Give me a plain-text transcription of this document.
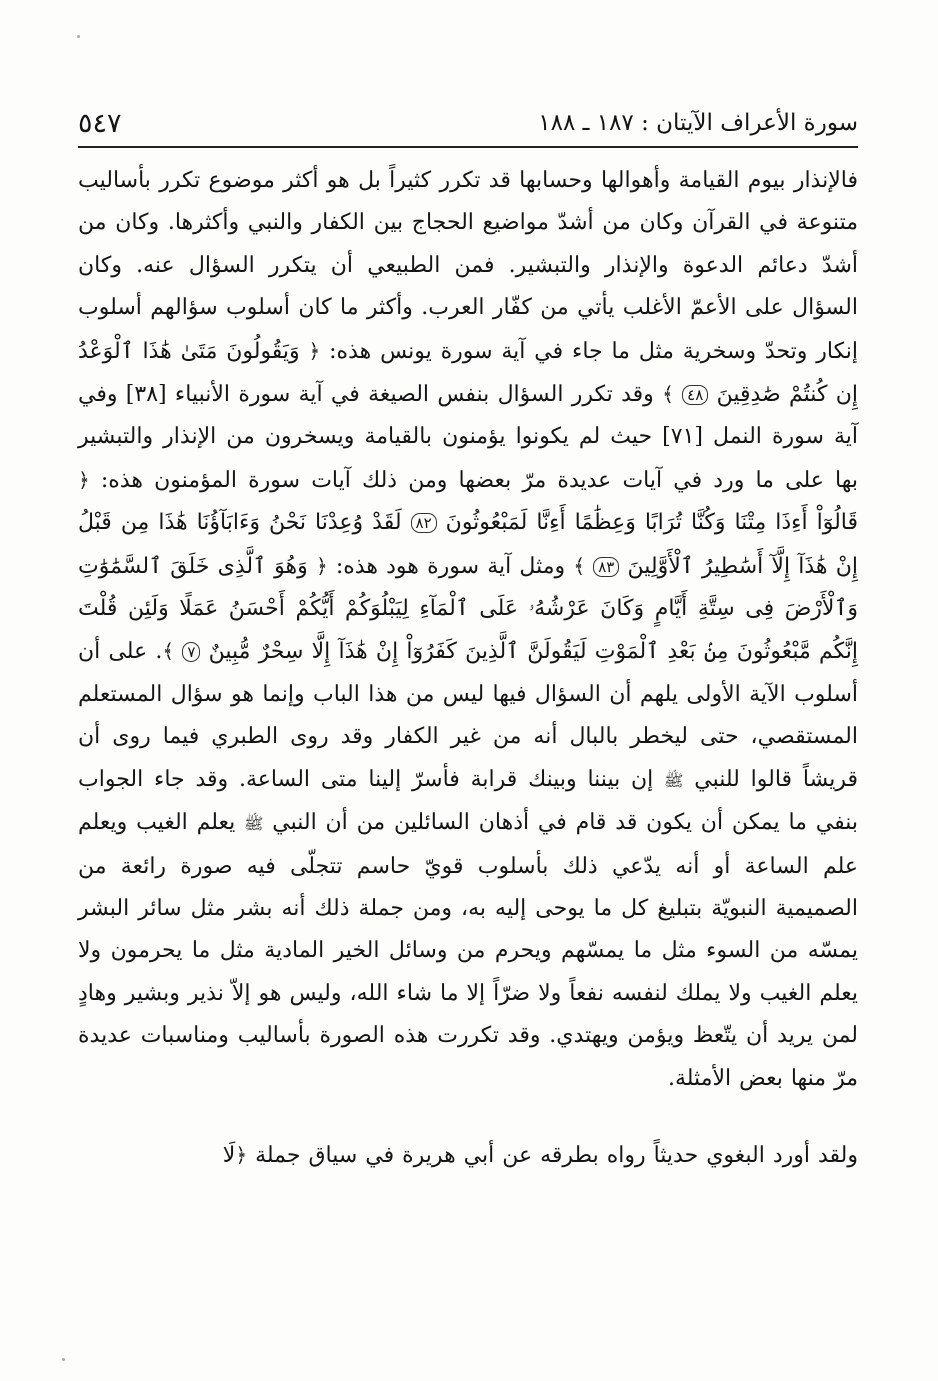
سورة الأعراف الآيتان : ١٨٧ ـ ١٨٨
٥٤٧

فالإنذار بيوم القيامة وأهوالها وحسابها قد تكرر كثيراً بل هو أكثر موضوع تكرر بأساليب متنوعة في القرآن وكان من أشدّ مواضيع الحجاج بين الكفار والنبي وأكثرها. وكان من أشدّ دعائم الدعوة والإنذار والتبشير. فمن الطبيعي أن يتكرر السؤال عنه. وكان السؤال على الأعمّ الأغلب يأتي من كفّار العرب. وأكثر ما كان أسلوب سؤالهم أسلوب إنكار وتحدّ وسخرية مثل ما جاء في آية سورة يونس هذه: ﴿ وَيَقُولُونَ مَتَىٰ هَٰذَا ٱلْوَعْدُ إِن كُنتُمْ صَٰدِقِينَ ٤٨ ﴾ وقد تكرر السؤال بنفس الصيغة في آية سورة الأنبياء [٣٨] وفي آية سورة النمل [٧١] حيث لم يكونوا يؤمنون بالقيامة ويسخرون من الإنذار والتبشير بها على ما ورد في آيات عديدة مرّ بعضها ومن ذلك آيات سورة المؤمنون هذه: ﴿ قَالُوٓاْ أَءِذَا مِتْنَا وَكُنَّا تُرَابًا وَعِظَٰمًا أَءِنَّا لَمَبْعُوثُونَ ٨٢ لَقَدْ وُعِدْنَا نَحْنُ وَءَابَآؤُنَا هَٰذَا مِن قَبْلُ إِنْ هَٰذَآ إِلَّآ أَسَٰطِيرُ ٱلْأَوَّلِينَ ٨٣ ﴾ ومثل آية سورة هود هذه: ﴿ وَهُوَ ٱلَّذِى خَلَقَ ٱلسَّمَٰوَٰتِ وَٱلْأَرْضَ فِى سِتَّةِ أَيَّامٍ وَكَانَ عَرْشُهُۥ عَلَى ٱلْمَآءِ لِيَبْلُوَكُمْ أَيُّكُمْ أَحْسَنُ عَمَلًا وَلَئِن قُلْتَ إِنَّكُم مَّبْعُوثُونَ مِنۢ بَعْدِ ٱلْمَوْتِ لَيَقُولَنَّ ٱلَّذِينَ كَفَرُوٓاْ إِنْ هَٰذَآ إِلَّا سِحْرٌ مُّبِينٌ ٧ ﴾. على أن أسلوب الآية الأولى يلهم أن السؤال فيها ليس من هذا الباب وإنما هو سؤال المستعلم المستقصي، حتى ليخطر بالبال أنه من غير الكفار وقد روى الطبري فيما روى أن قريشاً قالوا للنبي ﷺ إن بيننا وبينك قرابة فأسرّ إلينا متى الساعة. وقد جاء الجواب بنفي ما يمكن أن يكون قد قام في أذهان السائلين من أن النبي ﷺ يعلم الغيب ويعلم علم الساعة أو أنه يدّعي ذلك بأسلوب قويّ حاسم تتجلّى فيه صورة رائعة من الصميمية النبويّة بتبليغ كل ما يوحى إليه به، ومن جملة ذلك أنه بشر مثل سائر البشر يمسّه من السوء مثل ما يمسّهم ويحرم من وسائل الخير المادية مثل ما يحرمون ولا يعلم الغيب ولا يملك لنفسه نفعاً ولا ضرّاً إلا ما شاء الله، وليس هو إلاّ نذير وبشير وهادٍ لمن يريد أن يتّعظ ويؤمن ويهتدي. وقد تكررت هذه الصورة بأساليب ومناسبات عديدة مرّ منها بعض الأمثلة.

ولقد أورد البغوي حديثاً رواه بطرقه عن أبي هريرة في سياق جملة ﴿لَا
